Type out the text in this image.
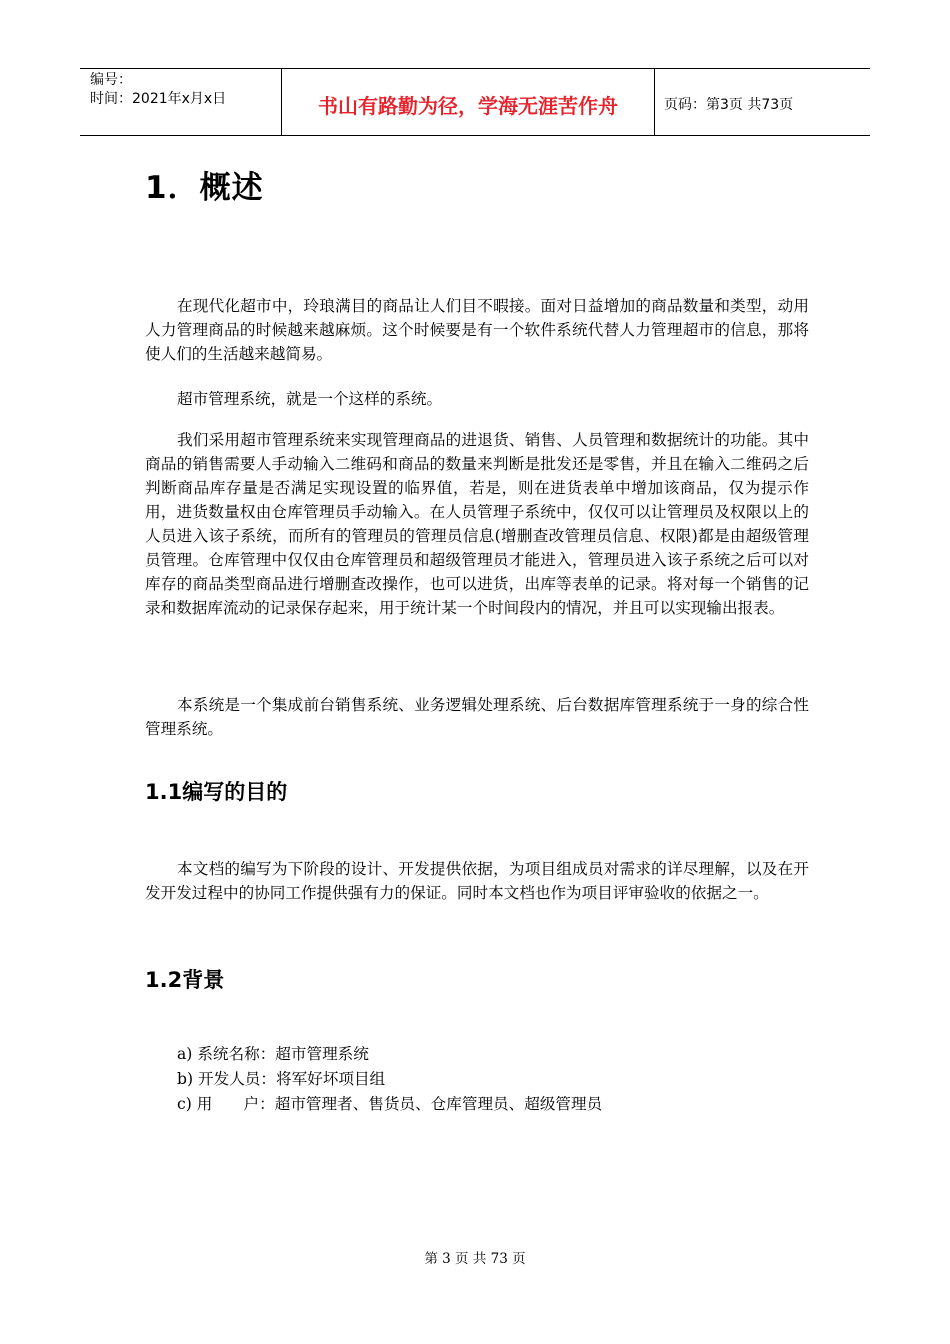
编号：
时间：2021年x月x日	书山有路勤为径，学海无涯苦作舟	页码：第3页 共73页
1．概述

在现代化超市中，玲琅满目的商品让人们目不暇接。面对日益增加的商品数量和类型，动用人力管理商品的时候越来越麻烦。这个时候要是有一个软件系统代替人力管理超市的信息，那将使人们的生活越来越简易。

超市管理系统，就是一个这样的系统。

我们采用超市管理系统来实现管理商品的进退货、销售、人员管理和数据统计的功能。其中商品的销售需要人手动输入二维码和商品的数量来判断是批发还是零售，并且在输入二维码之后判断商品库存量是否满足实现设置的临界值，若是，则在进货表单中增加该商品，仅为提示作用，进货数量权由仓库管理员手动输入。在人员管理子系统中，仅仅可以让管理员及权限以上的人员进入该子系统，而所有的管理员的管理员信息(增删查改管理员信息、权限)都是由超级管理员管理。仓库管理中仅仅由仓库管理员和超级管理员才能进入，管理员进入该子系统之后可以对库存的商品类型商品进行增删查改操作，也可以进货，出库等表单的记录。将对每一个销售的记录和数据库流动的记录保存起来，用于统计某一个时间段内的情况，并且可以实现输出报表。

本系统是一个集成前台销售系统、业务逻辑处理系统、后台数据库管理系统于一身的综合性管理系统。

1.1编写的目的

本文档的编写为下阶段的设计、开发提供依据，为项目组成员对需求的详尽理解，以及在开发开发过程中的协同工作提供强有力的保证。同时本文档也作为项目评审验收的依据之一。

1.2背景
a) 系统名称：超市管理系统
b) 开发人员：将军好坏项目组
c) 用　　户：超市管理者、售货员、仓库管理员、超级管理员
第 3 页 共 73 页
